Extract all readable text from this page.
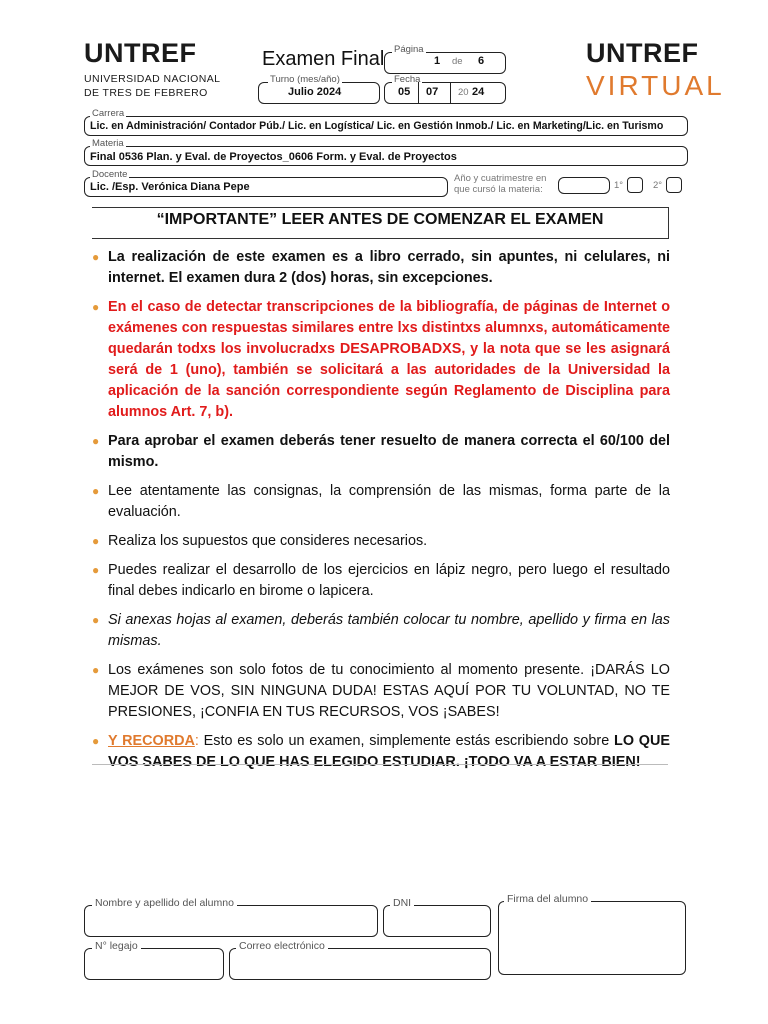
UNTREF
UNIVERSIDAD NACIONAL
DE TRES DE FEBRERO
UNTREF
VIRTUAL
Examen Final Página
1 de 6
Turno (mes/año)
Julio 2024
Fecha
05 07 20 24
Carrera
Lic. en Administración/ Contador Púb./ Lic. en Logística/ Lic. en Gestión Inmob./ Lic. en Marketing/Lic. en Turismo
Materia
Final 0536 Plan. y Eval. de Proyectos_0606 Form. y Eval. de Proyectos
Docente
Lic. /Esp. Verónica Diana Pepe
Año y cuatrimestre en
que cursó la materia:	1°	2°
“IMPORTANTE” LEER ANTES DE COMENZAR EL EXAMEN
● La realización de este examen es a libro cerrado, sin apuntes, ni celulares, ni internet. El examen dura 2 (dos) horas, sin excepciones.
● En el caso de detectar transcripciones de la bibliografía, de páginas de Internet o exámenes con respuestas similares entre lxs distintxs alumnxs, automáticamente quedarán todxs los involucradxs DESAPROBADXS, y la nota que se les asignará será de 1 (uno), también se solicitará a las autoridades de la Universidad la aplicación de la sanción correspondiente según Reglamento de Disciplina para alumnos Art. 7, b).
● Para aprobar el examen deberás tener resuelto de manera correcta el 60/100 del mismo.
● Lee atentamente las consignas, la comprensión de las mismas, forma parte de la evaluación.
● Realiza los supuestos que consideres necesarios.
● Puedes realizar el desarrollo de los ejercicios en lápiz negro, pero luego el resultado final debes indicarlo en birome o lapicera.
● Si anexas hojas al examen, deberás también colocar tu nombre, apellido y firma en las mismas.
● Los exámenes son solo fotos de tu conocimiento al momento presente. ¡DARÁS LO MEJOR DE VOS, SIN NINGUNA DUDA! ESTAS AQUÍ POR TU VOLUNTAD, NO TE PRESIONES, ¡CONFIA EN TUS RECURSOS, VOS ¡SABES!
● Y RECORDA: Esto es solo un examen, simplemente estás escribiendo sobre LO QUE VOS SABES DE LO QUE HAS ELEGIDO ESTUDIAR. ¡TODO VA A ESTAR BIEN!
Nombre y apellido del alumno	DNI	Firma del alumno
N° legajo	Correo electrónico
